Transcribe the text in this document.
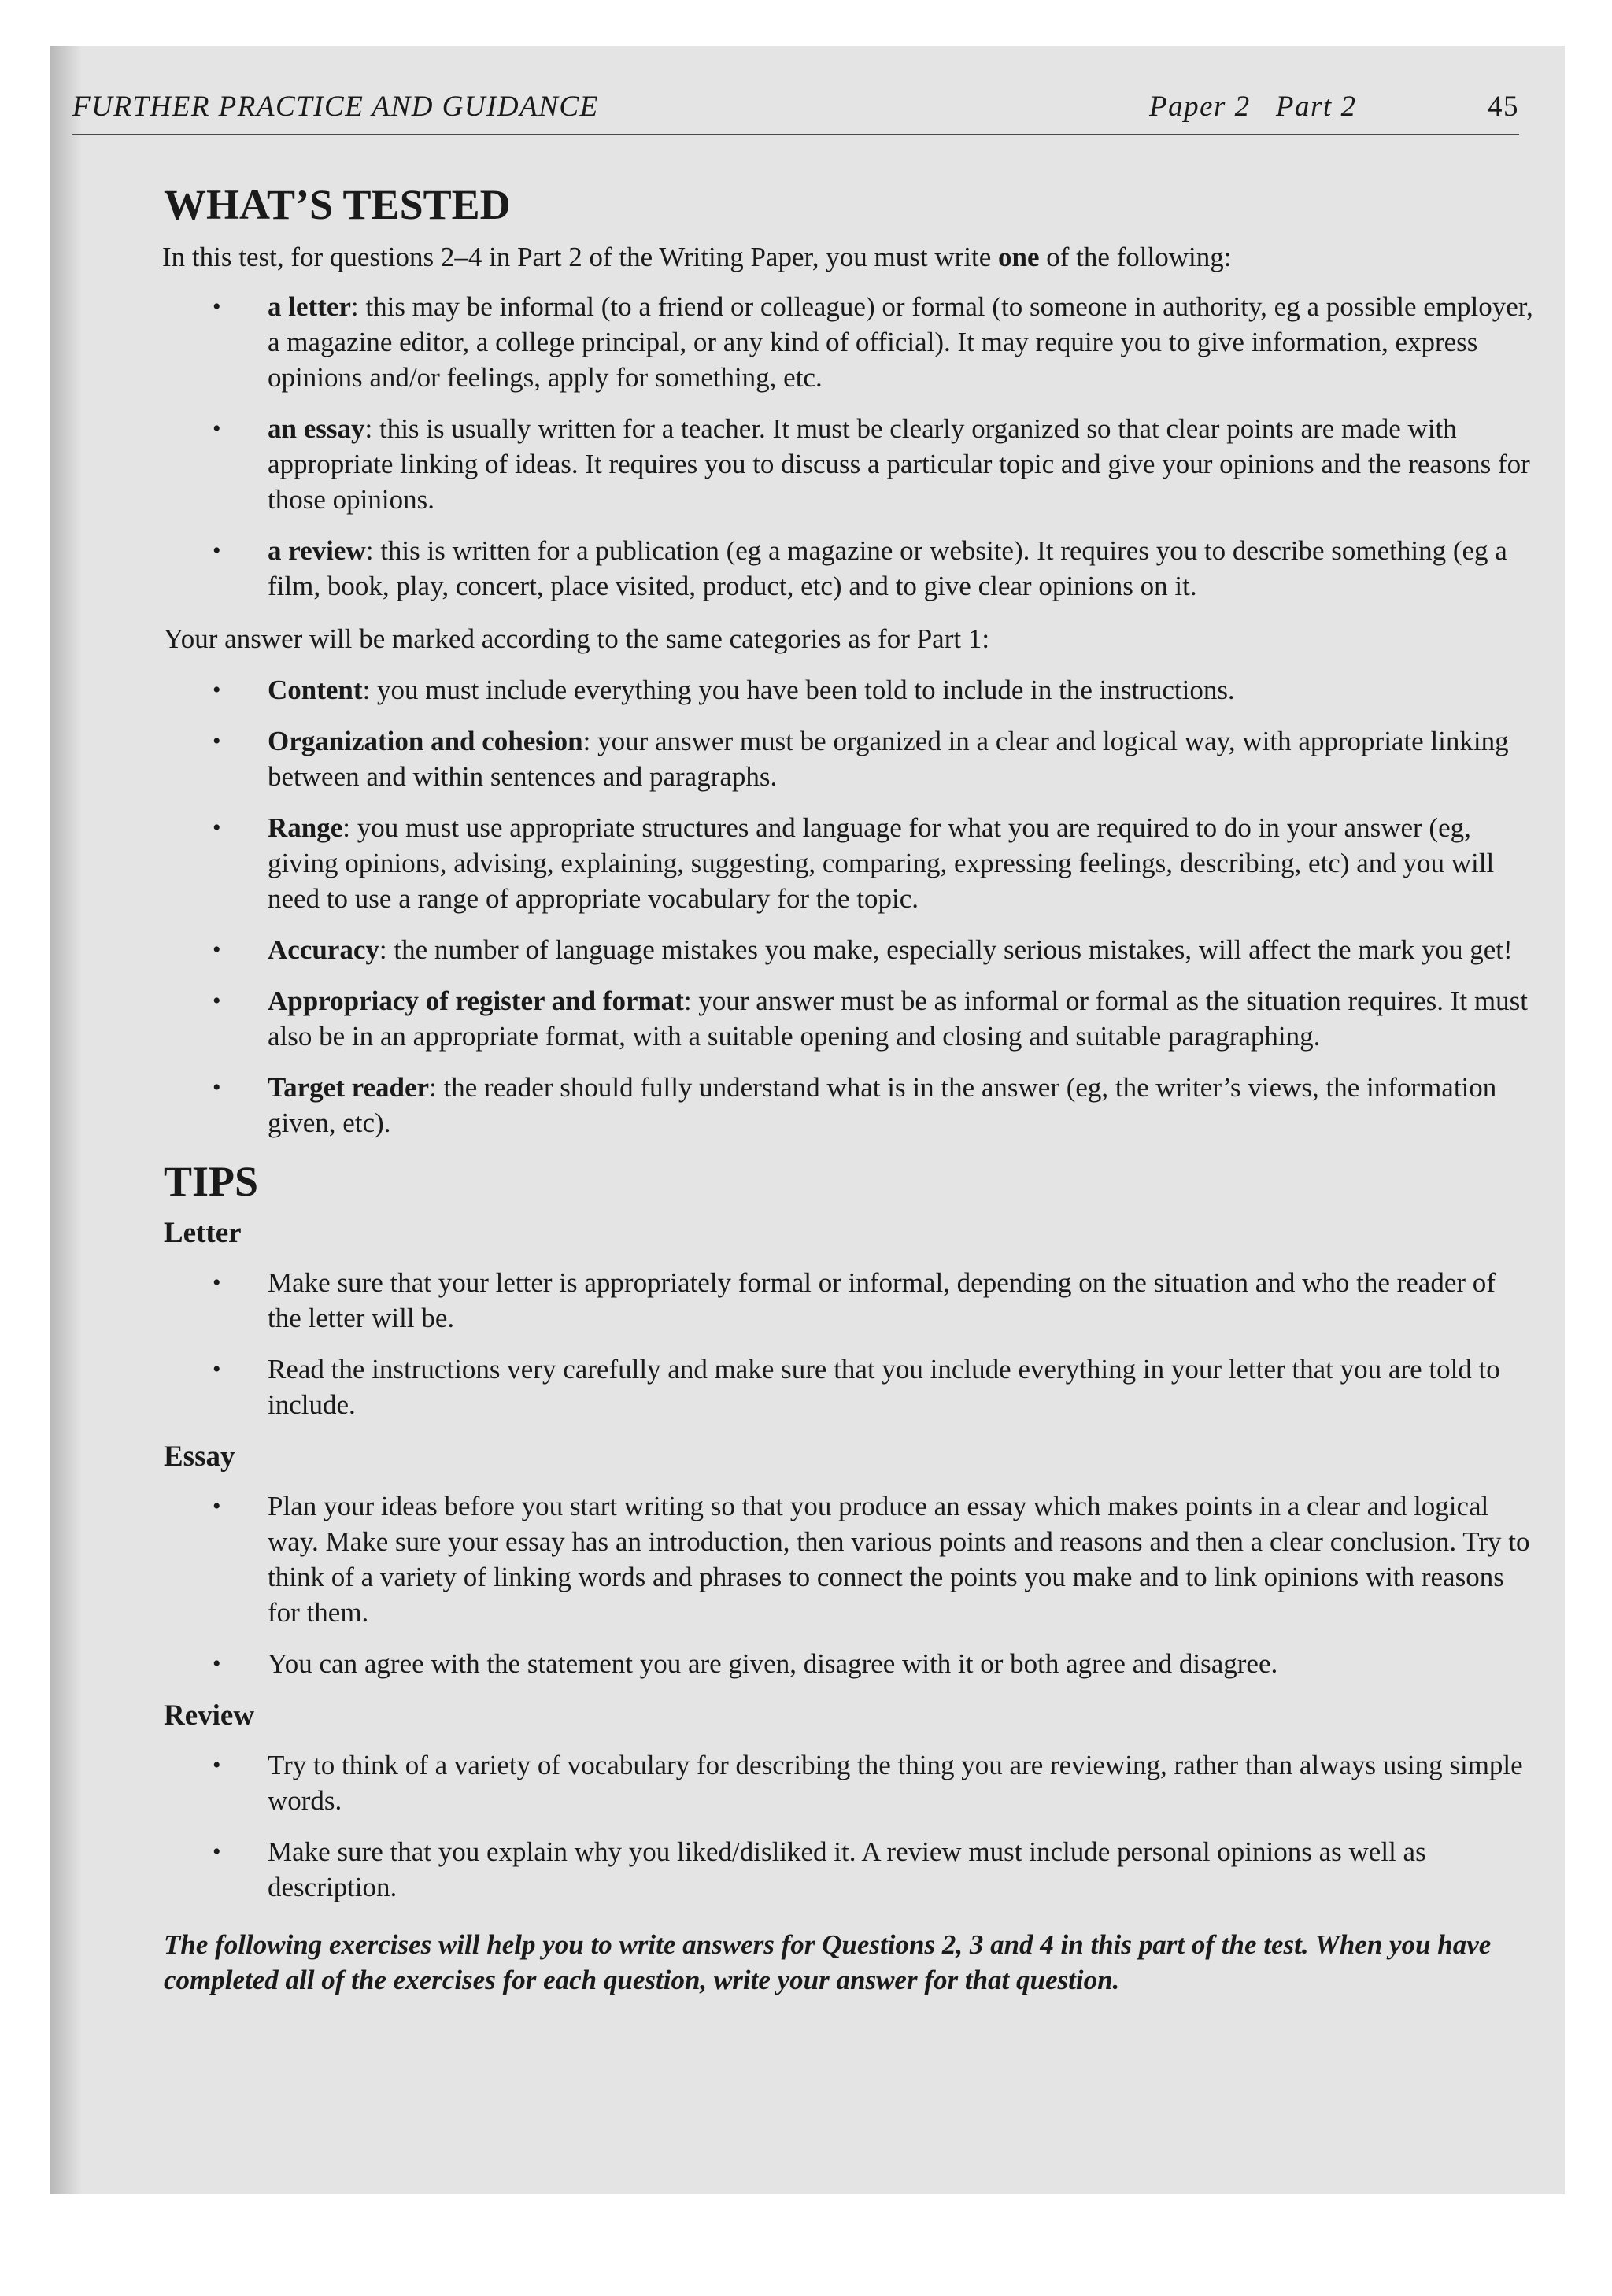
FURTHER PRACTICE AND GUIDANCE	Paper 2   Part 2	45
WHAT’S TESTED

In this test, for questions 2–4 in Part 2 of the Writing Paper, you must write one of the following:

• a letter: this may be informal (to a friend or colleague) or formal (to someone in authority, eg a possible employer, a magazine editor, a college principal, or any kind of official). It may require you to give information, express opinions and/or feelings, apply for something, etc.
• an essay: this is usually written for a teacher. It must be clearly organized so that clear points are made with appropriate linking of ideas. It requires you to discuss a particular topic and give your opinions and the reasons for those opinions.
• a review: this is written for a publication (eg a magazine or website). It requires you to describe something (eg a film, book, play, concert, place visited, product, etc) and to give clear opinions on it.

Your answer will be marked according to the same categories as for Part 1:

• Content: you must include everything you have been told to include in the instructions.
• Organization and cohesion: your answer must be organized in a clear and logical way, with appropriate linking between and within sentences and paragraphs.
• Range: you must use appropriate structures and language for what you are required to do in your answer (eg, giving opinions, advising, explaining, suggesting, comparing, expressing feelings, describing, etc) and you will need to use a range of appropriate vocabulary for the topic.
• Accuracy: the number of language mistakes you make, especially serious mistakes, will affect the mark you get!
• Appropriacy of register and format: your answer must be as informal or formal as the situation requires. It must also be in an appropriate format, with a suitable opening and closing and suitable paragraphing.
• Target reader: the reader should fully understand what is in the answer (eg, the writer’s views, the information given, etc).
TIPS
Letter
• Make sure that your letter is appropriately formal or informal, depending on the situation and who the reader of the letter will be.
• Read the instructions very carefully and make sure that you include everything in your letter that you are told to include.
Essay
• Plan your ideas before you start writing so that you produce an essay which makes points in a clear and logical way. Make sure your essay has an introduction, then various points and reasons and then a clear conclusion. Try to think of a variety of linking words and phrases to connect the points you make and to link opinions with reasons for them.
• You can agree with the statement you are given, disagree with it or both agree and disagree.
Review
• Try to think of a variety of vocabulary for describing the thing you are reviewing, rather than always using simple words.
• Make sure that you explain why you liked/disliked it. A review must include personal opinions as well as description.

The following exercises will help you to write answers for Questions 2, 3 and 4 in this part of the test. When you have completed all of the exercises for each question, write your answer for that question.
